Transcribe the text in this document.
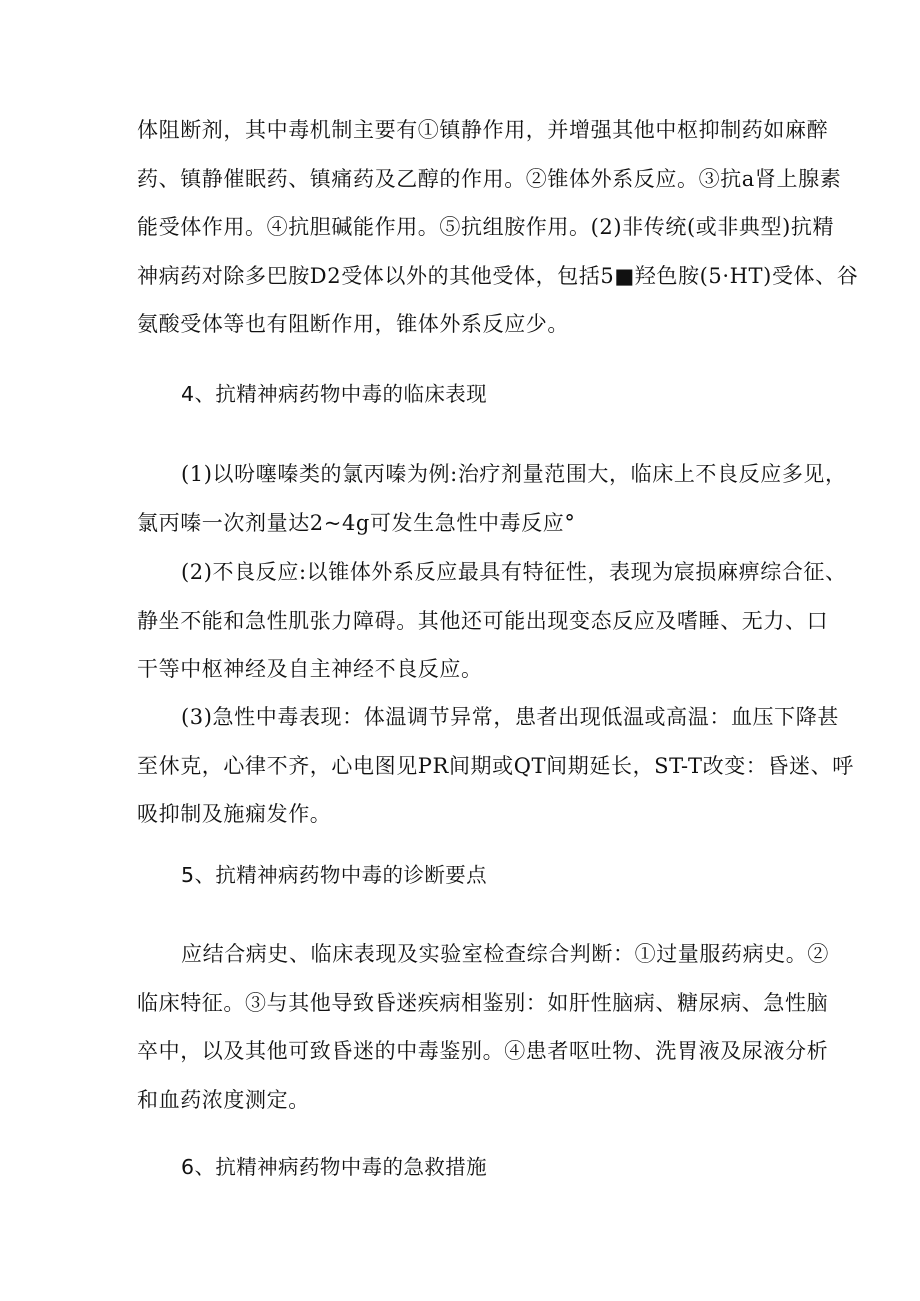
体阻断剂，其中毒机制主要有①镇静作用，并增强其他中枢抑制药如麻醉
药、镇静催眠药、镇痛药及乙醇的作用。②锥体外系反应。③抗a肾上腺素
能受体作用。④抗胆碱能作用。⑤抗组胺作用。(2)非传统(或非典型)抗精
神病药对除多巴胺D2受体以外的其他受体，包括5■羟色胺(5·HT)受体、谷
氨酸受体等也有阻断作用，锥体外系反应少。

4、抗精神病药物中毒的临床表现

(1)以吩噻嗪类的氯丙嗪为例:治疗剂量范围大，临床上不良反应多见，
氯丙嗪一次剂量达2~4g可发生急性中毒反应°

(2)不良反应:以锥体外系反应最具有特征性，表现为宸损麻痹综合征、
静坐不能和急性肌张力障碍。其他还可能出现变态反应及嗜睡、无力、口
干等中枢神经及自主神经不良反应。

(3)急性中毒表现：体温调节异常，患者出现低温或高温：血压下降甚
至休克，心律不齐，心电图见PR间期或QT间期延长，ST-T改变：昏迷、呼
吸抑制及施痫发作。

5、抗精神病药物中毒的诊断要点

应结合病史、临床表现及实验室检查综合判断：①过量服药病史。②
临床特征。③与其他导致昏迷疾病相鉴别：如肝性脑病、糖尿病、急性脑
卒中，以及其他可致昏迷的中毒鉴别。④患者呕吐物、洗胃液及尿液分析
和血药浓度测定。

6、抗精神病药物中毒的急救措施
